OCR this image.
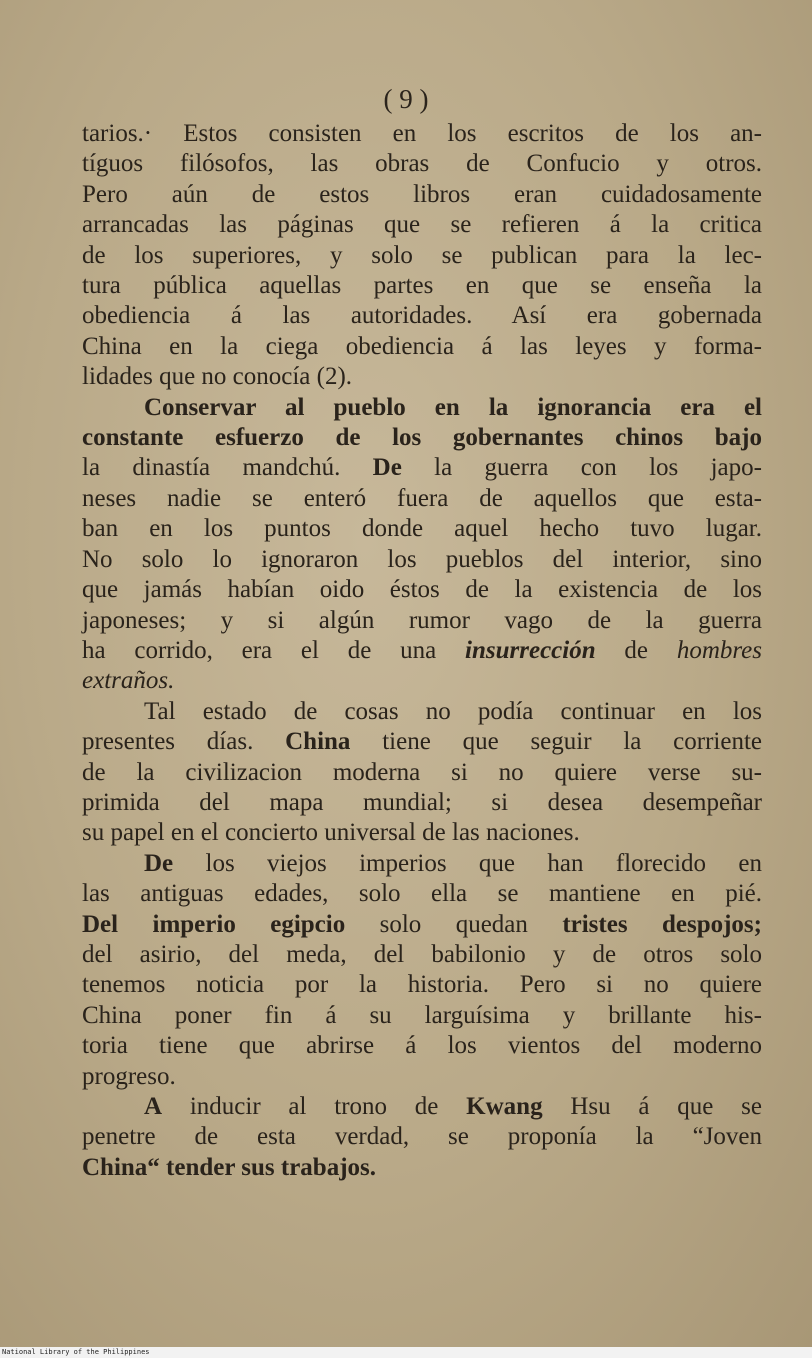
( 9 )
tarios.· Estos consisten en los escritos de los an-
tíguos filósofos, las obras de Confucio y otros.
Pero aún de estos libros eran cuidadosamente
arrancadas las páginas que se refieren á la critica
de los superiores, y solo se publican para la lec-
tura pública aquellas partes en que se enseña la
obediencia á las autoridades. Así era gobernada
China en la ciega obediencia á las leyes y forma-
lidades que no conocía (2).
Conservar al pueblo en la ignorancia era el
constante esfuerzo de los gobernantes chinos bajo
la dinastía mandchú. De la guerra con los japo-
neses nadie se enteró fuera de aquellos que esta-
ban en los puntos donde aquel hecho tuvo lugar.
No solo lo ignoraron los pueblos del interior, sino
que jamás habían oido éstos de la existencia de los
japoneses; y si algún rumor vago de la guerra
ha corrido, era el de una insurrección de hombres
extraños.
Tal estado de cosas no podía continuar en los
presentes días. China tiene que seguir la corriente
de la civilizacion moderna si no quiere verse su-
primida del mapa mundial; si desea desempeñar
su papel en el concierto universal de las naciones.
De los viejos imperios que han florecido en
las antiguas edades, solo ella se mantiene en pié.
Del imperio egipcio solo quedan tristes despojos;
del asirio, del meda, del babilonio y de otros solo
tenemos noticia por la historia. Pero si no quiere
China poner fin á su larguísima y brillante his-
toria tiene que abrirse á los vientos del moderno
progreso.
A inducir al trono de Kwang Hsu á que se
penetre de esta verdad, se proponía la “Joven
China“ tender sus trabajos.
National Library of the Philippines
